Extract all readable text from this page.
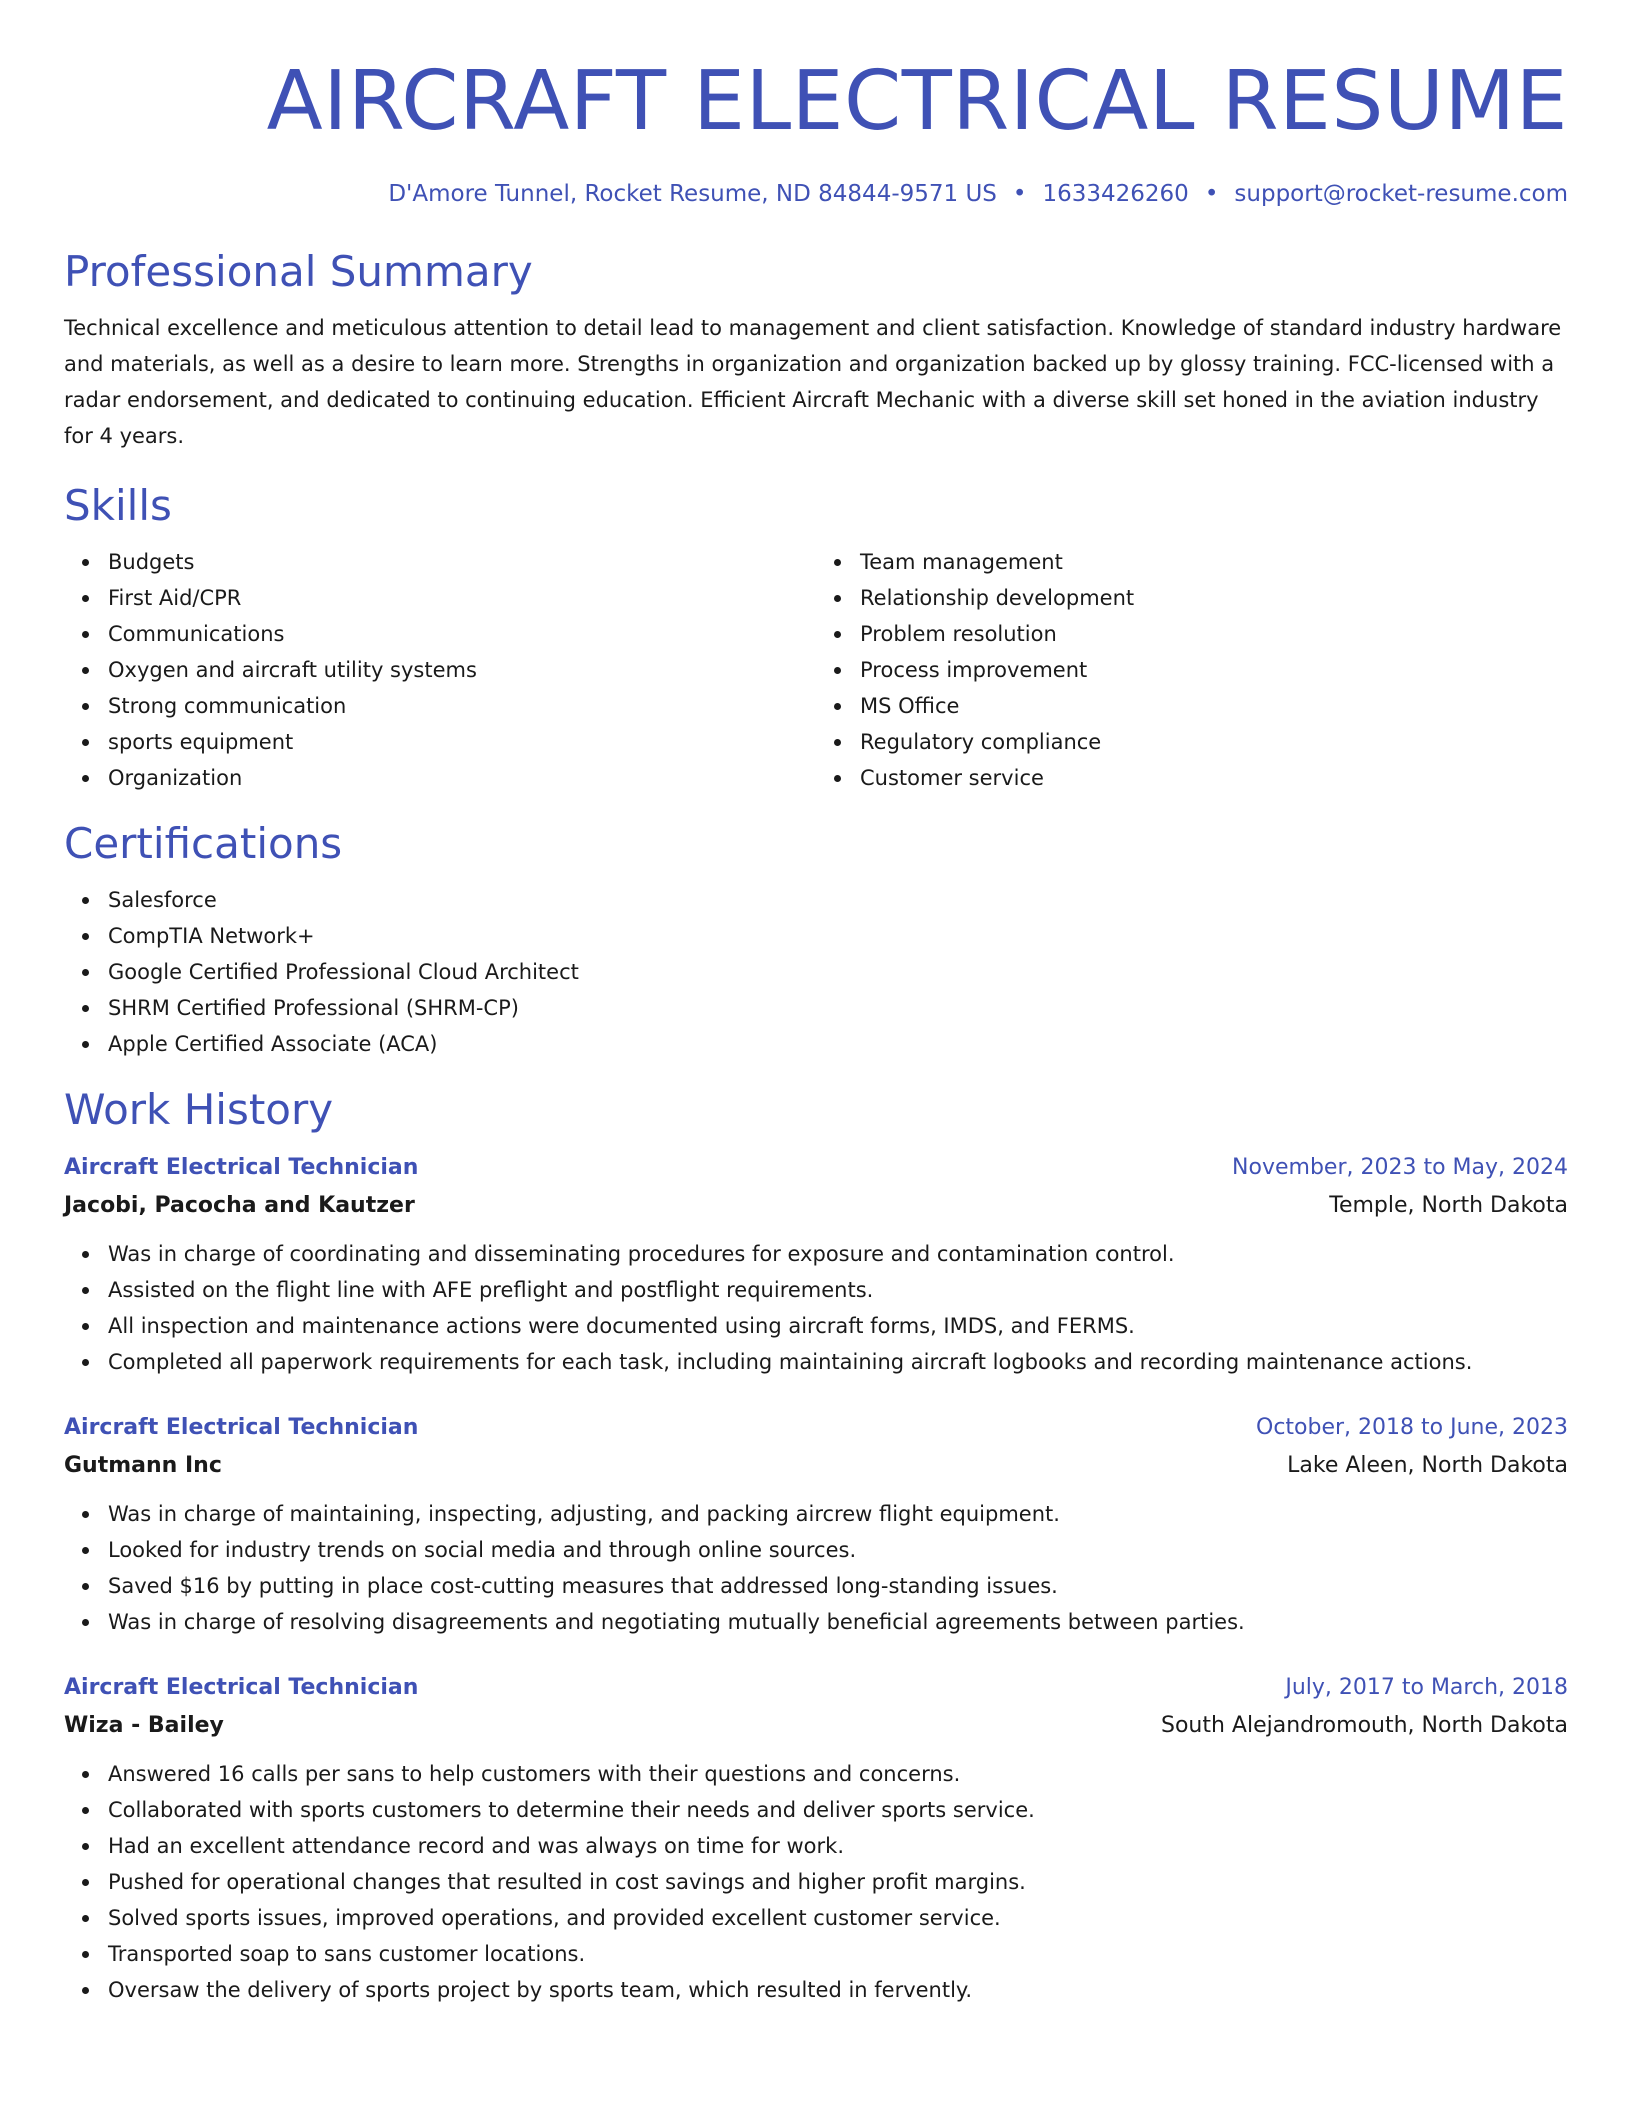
AIRCRAFT ELECTRICAL RESUME
D'Amore Tunnel, Rocket Resume, ND 84844-9571 US • 1633426260 • support@rocket-resume.com
Professional Summary

Technical excellence and meticulous attention to detail lead to management and client satisfaction. Knowledge of standard industry hardware and materials, as well as a desire to learn more. Strengths in organization and organization backed up by glossy training. FCC-licensed with a radar endorsement, and dedicated to continuing education. Efficient Aircraft Mechanic with a diverse skill set honed in the aviation industry for 4 years.

Skills
Budgets
First Aid/CPR
Communications
Oxygen and aircraft utility systems
Strong communication
sports equipment
Organization
Team management
Relationship development
Problem resolution
Process improvement
MS Office
Regulatory compliance
Customer service
Certifications
Salesforce
CompTIA Network+
Google Certified Professional Cloud Architect
SHRM Certified Professional (SHRM-CP)
Apple Certified Associate (ACA)
Work History
Aircraft Electrical Technician	November, 2023 to May, 2024
Jacobi, Pacocha and Kautzer	Temple, North Dakota
Was in charge of coordinating and disseminating procedures for exposure and contamination control.
Assisted on the flight line with AFE preflight and postflight requirements.
All inspection and maintenance actions were documented using aircraft forms, IMDS, and FERMS.
Completed all paperwork requirements for each task, including maintaining aircraft logbooks and recording maintenance actions.
Aircraft Electrical Technician	October, 2018 to June, 2023
Gutmann Inc	Lake Aleen, North Dakota
Was in charge of maintaining, inspecting, adjusting, and packing aircrew flight equipment.
Looked for industry trends on social media and through online sources.
Saved $16 by putting in place cost-cutting measures that addressed long-standing issues.
Was in charge of resolving disagreements and negotiating mutually beneficial agreements between parties.
Aircraft Electrical Technician	July, 2017 to March, 2018
Wiza - Bailey	South Alejandromouth, North Dakota
Answered 16 calls per sans to help customers with their questions and concerns.
Collaborated with sports customers to determine their needs and deliver sports service.
Had an excellent attendance record and was always on time for work.
Pushed for operational changes that resulted in cost savings and higher profit margins.
Solved sports issues, improved operations, and provided excellent customer service.
Transported soap to sans customer locations.
Oversaw the delivery of sports project by sports team, which resulted in fervently.
